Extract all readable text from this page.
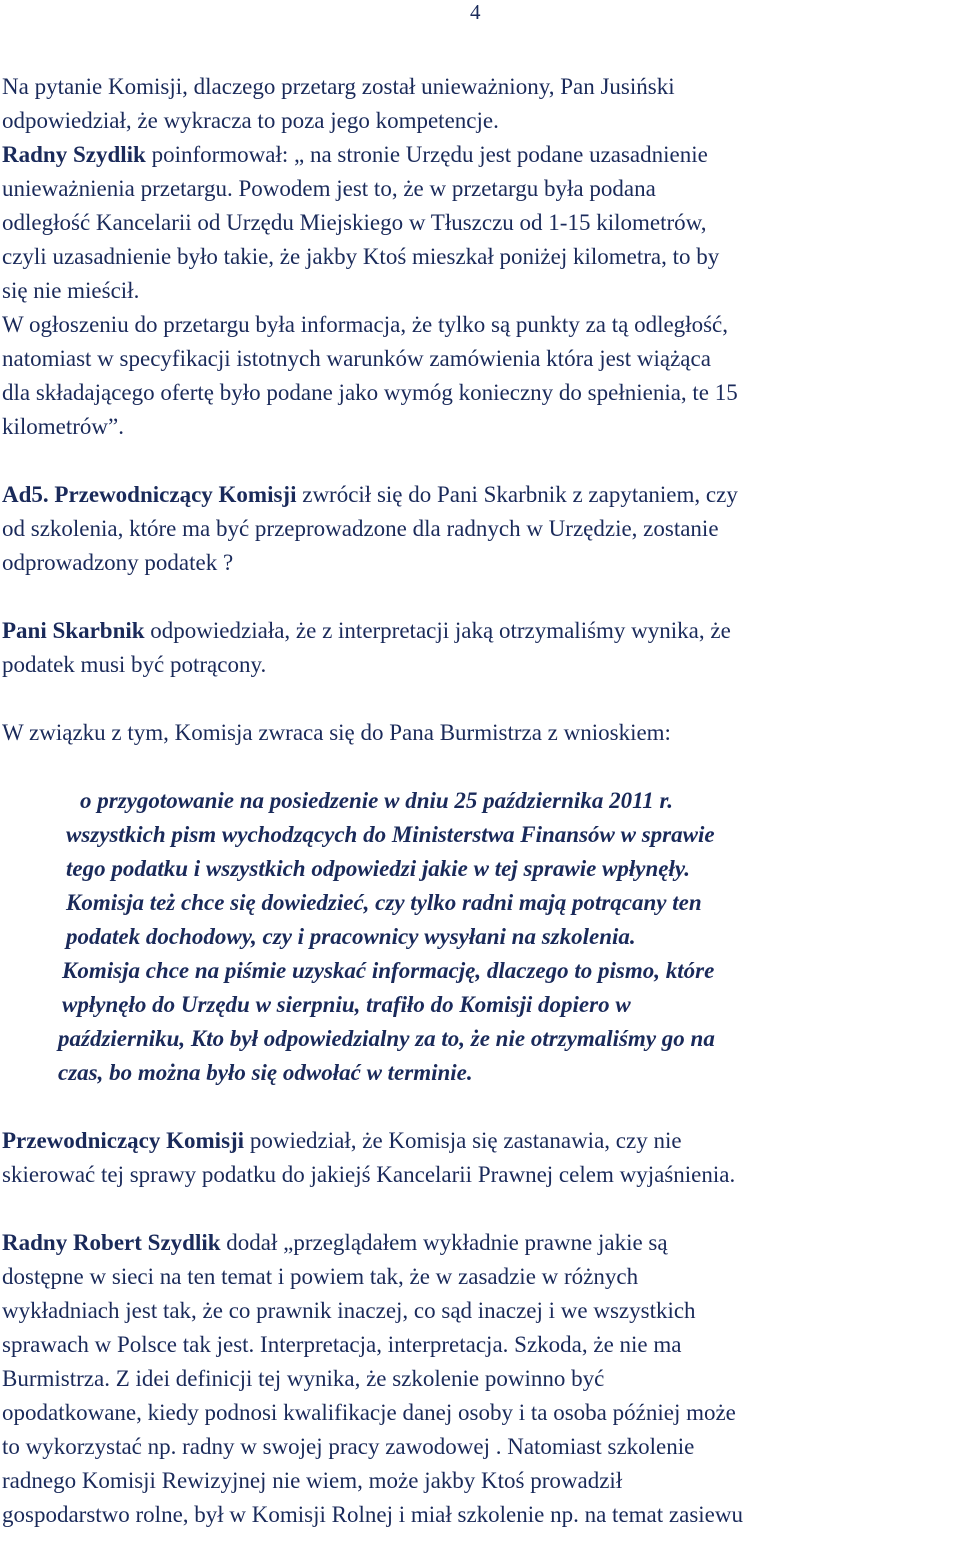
4
Na pytanie Komisji, dlaczego przetarg został unieważniony, Pan Jusiński
odpowiedział, że wykracza to poza jego kompetencje.
Radny Szydlik poinformował: „ na stronie Urzędu jest podane uzasadnienie
unieważnienia przetargu. Powodem jest to, że w przetargu była podana
odległość Kancelarii od Urzędu Miejskiego w Tłuszczu od 1-15 kilometrów,
czyli uzasadnienie było takie, że jakby Ktoś mieszkał poniżej kilometra, to by
się nie mieścił.
W ogłoszeniu do przetargu była informacja, że tylko są punkty za tą odległość,
natomiast w specyfikacji istotnych warunków zamówienia która jest wiążąca
dla składającego ofertę było podane jako wymóg konieczny do spełnienia, te 15
kilometrów”.
Ad5. Przewodniczący Komisji zwrócił się do Pani Skarbnik z zapytaniem, czy
od szkolenia, które ma być przeprowadzone dla radnych w Urzędzie, zostanie
odprowadzony podatek ?
Pani Skarbnik odpowiedziała, że z interpretacji jaką otrzymaliśmy wynika, że
podatek musi być potrącony.
W związku z tym, Komisja zwraca się do Pana Burmistrza z wnioskiem:
o przygotowanie na posiedzenie w dniu 25 października 2011 r.
wszystkich pism wychodzących do Ministerstwa Finansów w sprawie
tego podatku i wszystkich odpowiedzi jakie w tej sprawie wpłynęły.
Komisja też chce się dowiedzieć, czy tylko radni mają potrącany ten
podatek dochodowy, czy i pracownicy wysyłani na szkolenia.
Komisja chce na piśmie uzyskać informację, dlaczego to pismo, które
wpłynęło do Urzędu w sierpniu, trafiło do Komisji dopiero w
październiku, Kto był odpowiedzialny za to, że nie otrzymaliśmy go na
czas, bo można było się odwołać w terminie.
Przewodniczący Komisji powiedział, że Komisja się zastanawia, czy nie
skierować tej sprawy podatku do jakiejś Kancelarii Prawnej celem wyjaśnienia.
Radny Robert Szydlik dodał „przeglądałem wykładnie prawne jakie są
dostępne w sieci na ten temat i powiem tak, że w zasadzie w różnych
wykładniach jest tak, że co prawnik inaczej, co sąd inaczej i we wszystkich
sprawach w Polsce tak jest. Interpretacja, interpretacja. Szkoda, że nie ma
Burmistrza. Z idei definicji tej wynika, że szkolenie powinno być
opodatkowane, kiedy podnosi kwalifikacje danej osoby i ta osoba później może
to wykorzystać np. radny w swojej pracy zawodowej . Natomiast szkolenie
radnego Komisji Rewizyjnej nie wiem, może jakby Ktoś prowadził
gospodarstwo rolne, był w Komisji Rolnej i miał szkolenie np. na temat zasiewu
